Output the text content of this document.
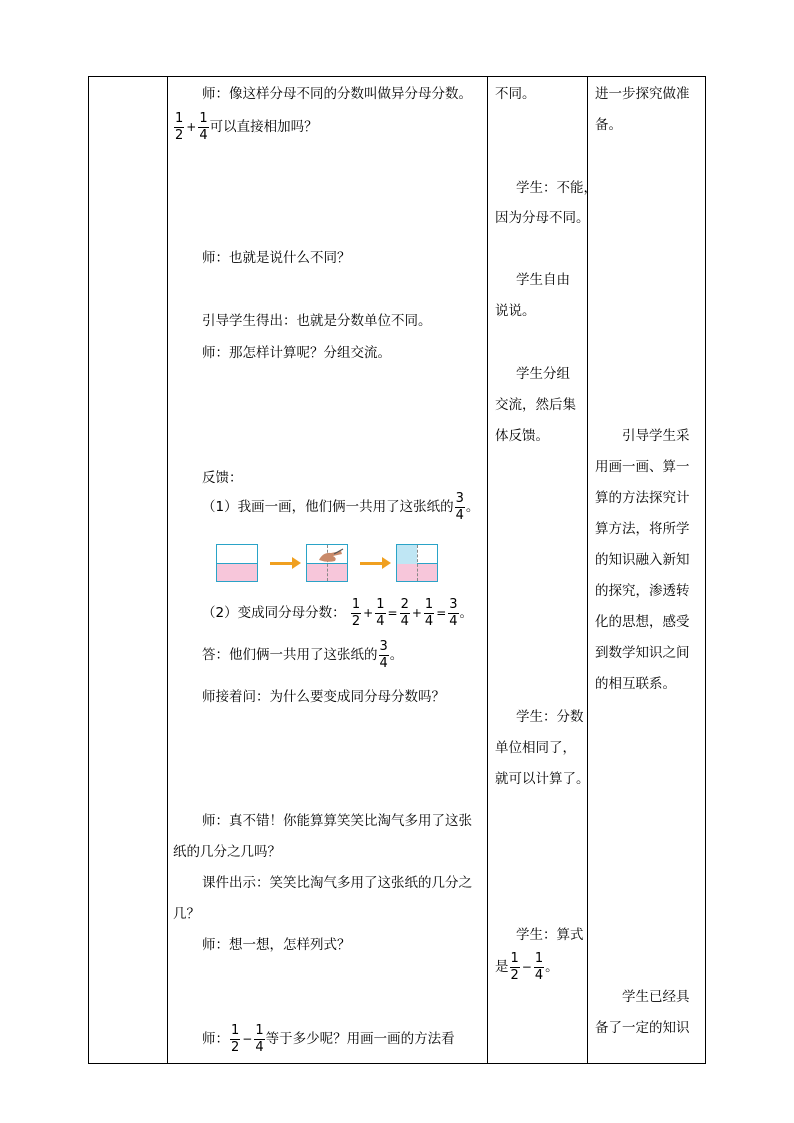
师：像这样分母不同的分数叫做异分母分数。
$\frac{1}{2} + \frac{1}{4}$ 可以直接相加吗？
师：也就是说什么不同？
引导学生得出：也就是分数单位不同。
师：那怎样计算呢？分组交流。
反馈：
（1）我画一画，他们俩一共用了这张纸的 $\frac{3}{4}$ 。
（2）变成同分母分数： $\frac{1}{2} + \frac{1}{4} = \frac{2}{4} + \frac{1}{4} = \frac{3}{4}$ 。
答：他们俩一共用了这张纸的 $\frac{3}{4}$ 。
师接着问：为什么要变成同分母分数吗？
师：真不错！你能算算笑笑比淘气多用了这张
纸的几分之几吗？
课件出示：笑笑比淘气多用了这张纸的几分之
几？
师：想一想，怎样列式？
师： $\frac{1}{2} - \frac{1}{4}$ 等于多少呢？用画一画的方法看
不同。
学生：不能，
因为分母不同。
学生自由
说说。
学生分组
交流，然后集
体反馈。
学生：分数
单位相同了，
就可以计算了。
学生：算式
是 $\frac{1}{2} - \frac{1}{4}$ 。
进一步探究做准
备。
引导学生采
用画一画、算一
算的方法探究计
算方法，将所学
的知识融入新知
的探究，渗透转
化的思想，感受
到数学知识之间
的相互联系。
学生已经具
备了一定的知识
